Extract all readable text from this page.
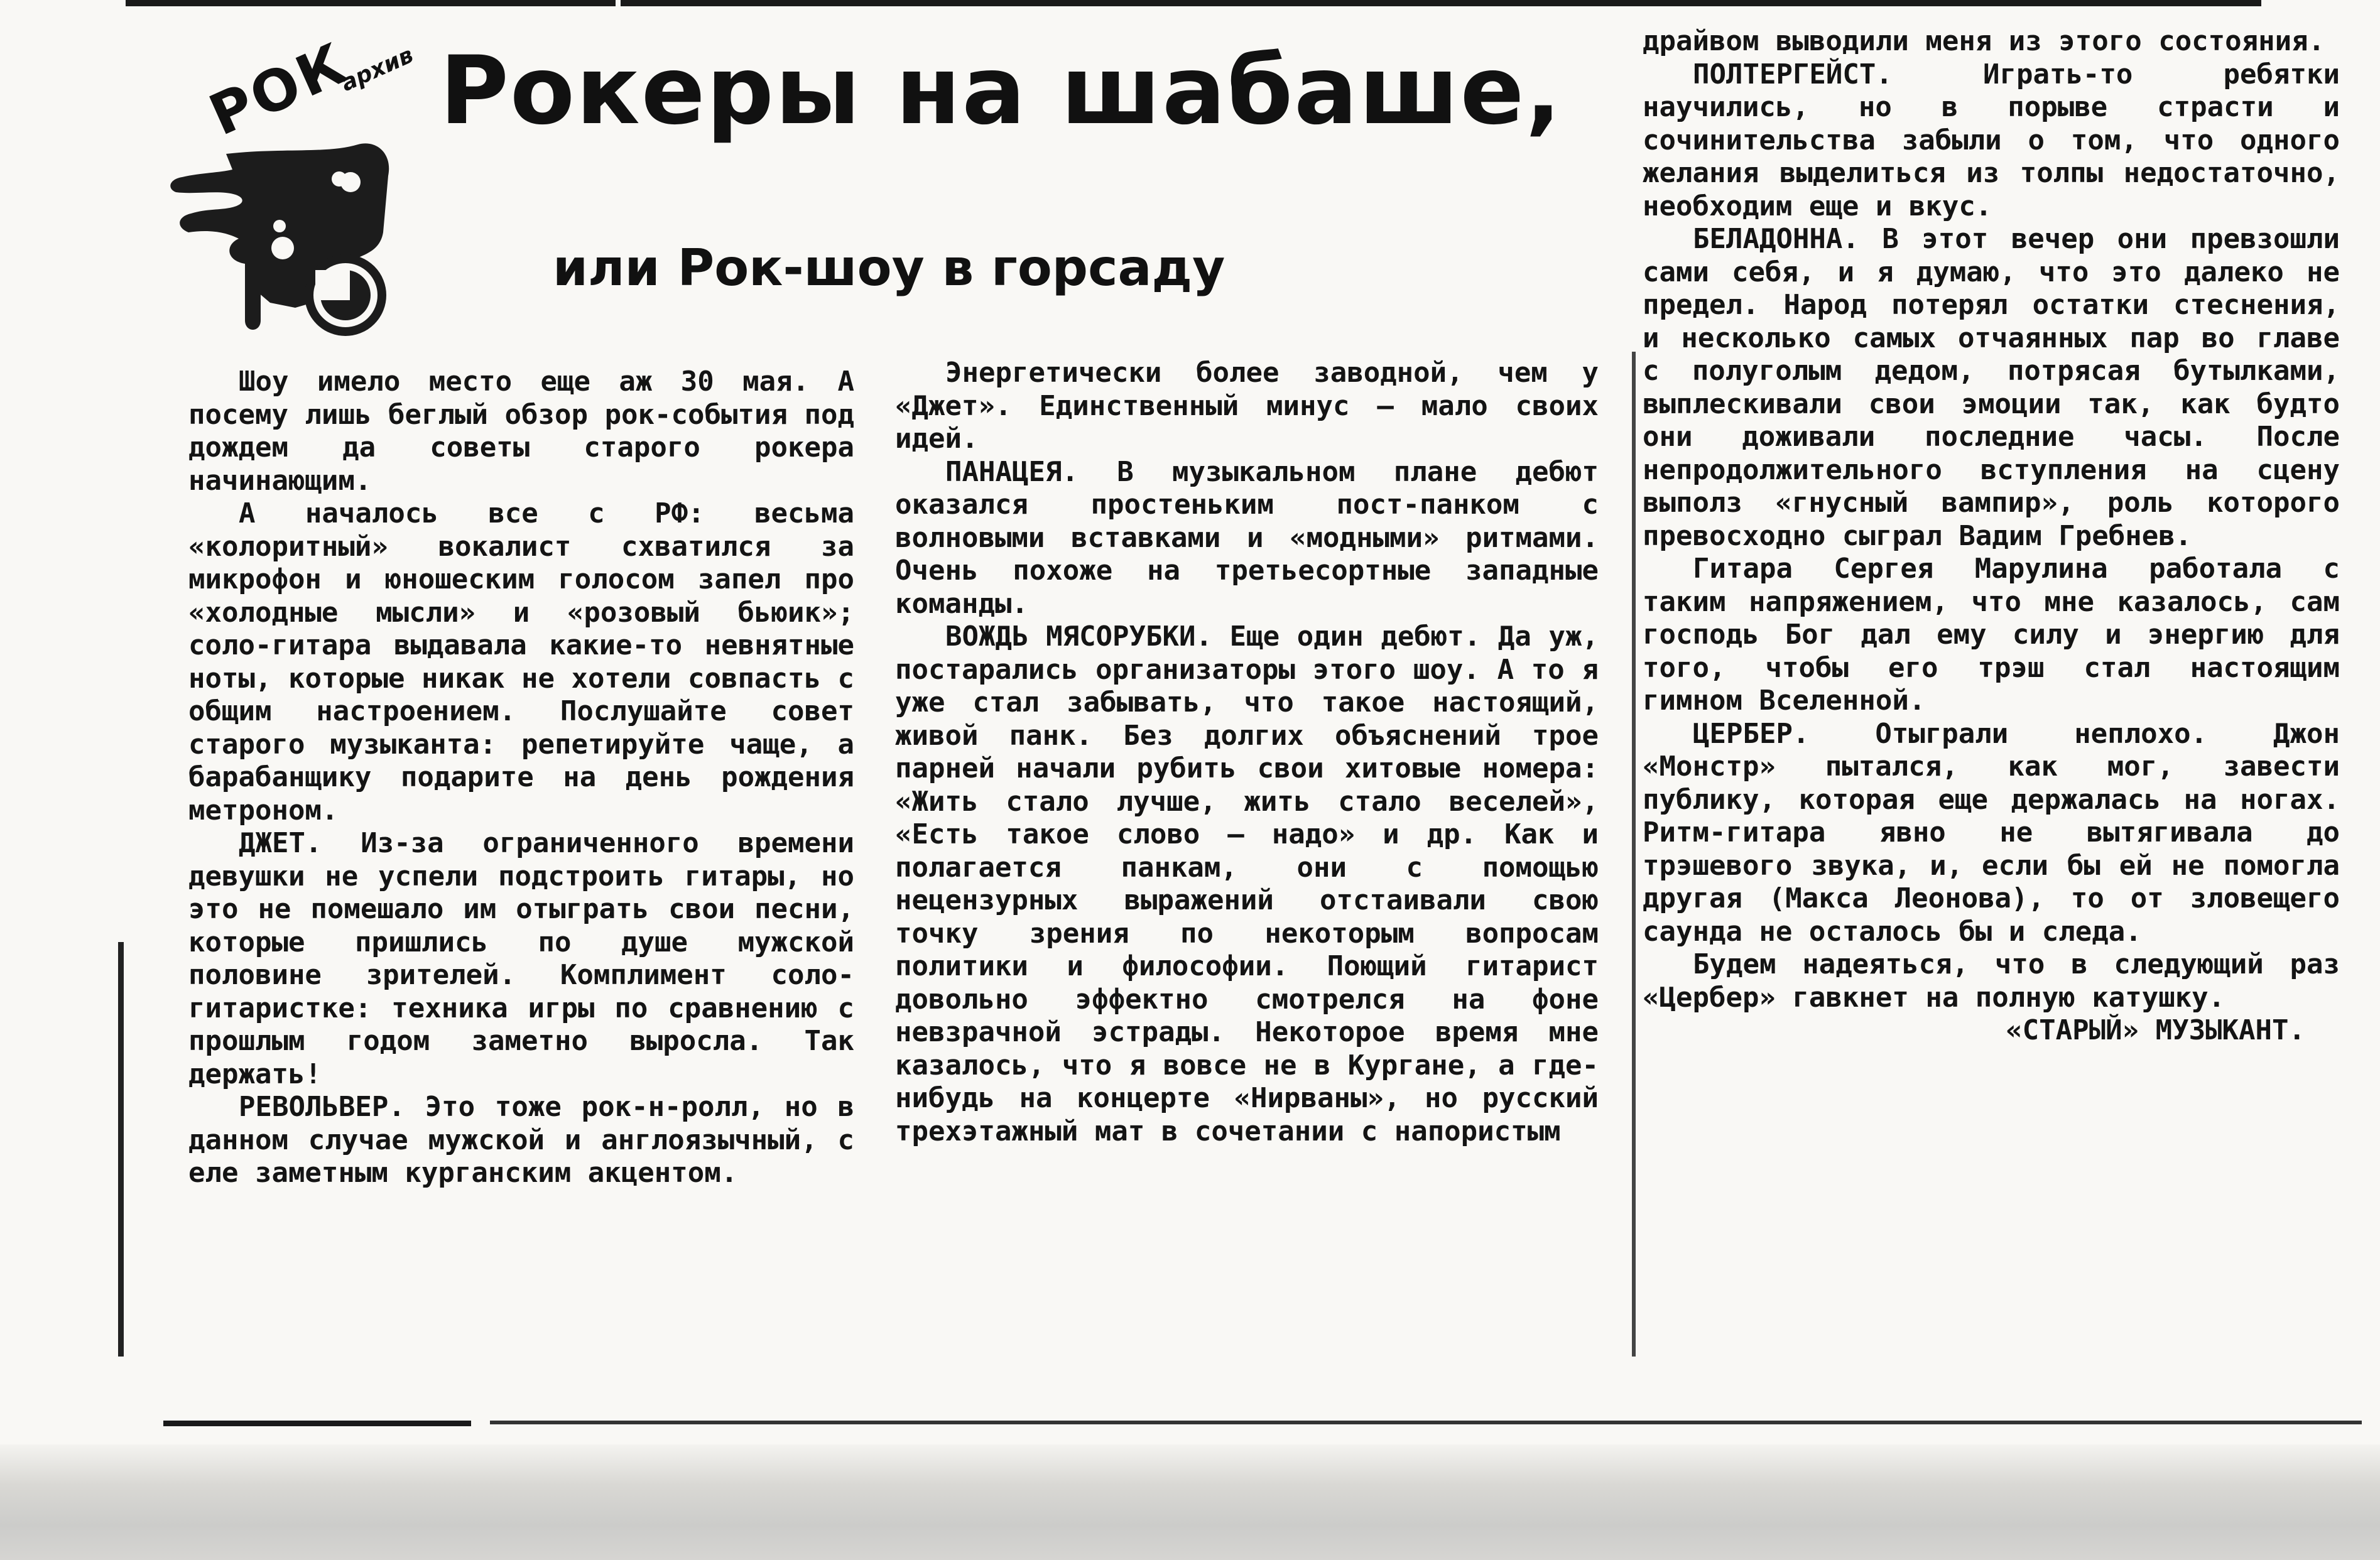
РОК
архив Рокеры на шабаше,
или Рок-шоу в горсаду

Шоу имело место еще аж 30 мая. А посему лишь беглый обзор рок-события под дождем да советы старого рокера начинающим.

А началось все с РФ: весьма «колоритный» вокалист схватился за микрофон и юношеским голосом запел про «холодные мысли» и «розовый бьюик»; соло-гитара выдавала какие-то невнятные ноты, которые никак не хотели совпасть с общим настроением. Послушайте совет старого музыканта: репетируйте чаще, а барабанщику подарите на день рождения метроном.

ДЖЕТ. Из-за ограниченного времени девушки не успели подстроить гитары, но это не помешало им отыграть свои песни, которые пришлись по душе мужской половине зрителей. Комплимент соло-гитаристке: техника игры по сравнению с прошлым годом заметно выросла. Так держать!

РЕВОЛЬВЕР. Это тоже рок-н-ролл, но в данном случае мужской и англоязычный, с еле заметным курганским акцентом.

Энергетически более заводной, чем у «Джет». Единственный минус — мало своих идей.

ПАНАЦЕЯ. В музыкальном плане дебют оказался простеньким пост-панком с волновыми вставками и «модными» ритмами. Очень похоже на третьесортные западные команды.

ВОЖДЬ МЯСОРУБКИ. Еще один дебют. Да уж, постарались организаторы этого шоу. А то я уже стал забывать, что такое настоящий, живой панк. Без долгих объяснений трое парней начали рубить свои хитовые номера: «Жить стало лучше, жить стало веселей», «Есть такое слово — надо» и др. Как и полагается панкам, они с помощью нецензурных выражений отстаивали свою точку зрения по некоторым вопросам политики и философии. Поющий гитарист довольно эффектно смотрелся на фоне невзрачной эстрады. Некоторое время мне казалось, что я вовсе не в Кургане, а где-нибудь на концерте «Нирваны», но русский трехэтажный мат в сочетании с напористым

драйвом выводили меня из этого состояния.

ПОЛТЕРГЕЙСТ. Играть-то ребятки научились, но в порыве страсти и сочинительства забыли о том, что одного желания выделиться из толпы недостаточно, необходим еще и вкус.

БЕЛАДОННА. В этот вечер они превзошли сами себя, и я думаю, что это далеко не предел. Народ потерял остатки стеснения, и несколько самых отчаянных пар во главе с полуголым дедом, потрясая бутылками, выплескивали свои эмоции так, как будто они доживали последние часы. После непродолжительного вступления на сцену выполз «гнусный вампир», роль которого превосходно сыграл Вадим Гребнев.

Гитара Сергея Марулина работала с таким напряжением, что мне казалось, сам господь Бог дал ему силу и энергию для того, чтобы его трэш стал настоящим гимном Вселенной.

ЦЕРБЕР. Отыграли неплохо. Джон «Монстр» пытался, как мог, завести публику, которая еще держалась на ногах. Ритм-гитара явно не вытягивала до трэшевого звука, и, если бы ей не помогла другая (Макса Леонова), то от зловещего саунда не осталось бы и следа.

Будем надеяться, что в следующий раз «Цербер» гавкнет на полную катушку.

«СТАРЫЙ» МУЗЫКАНТ.
